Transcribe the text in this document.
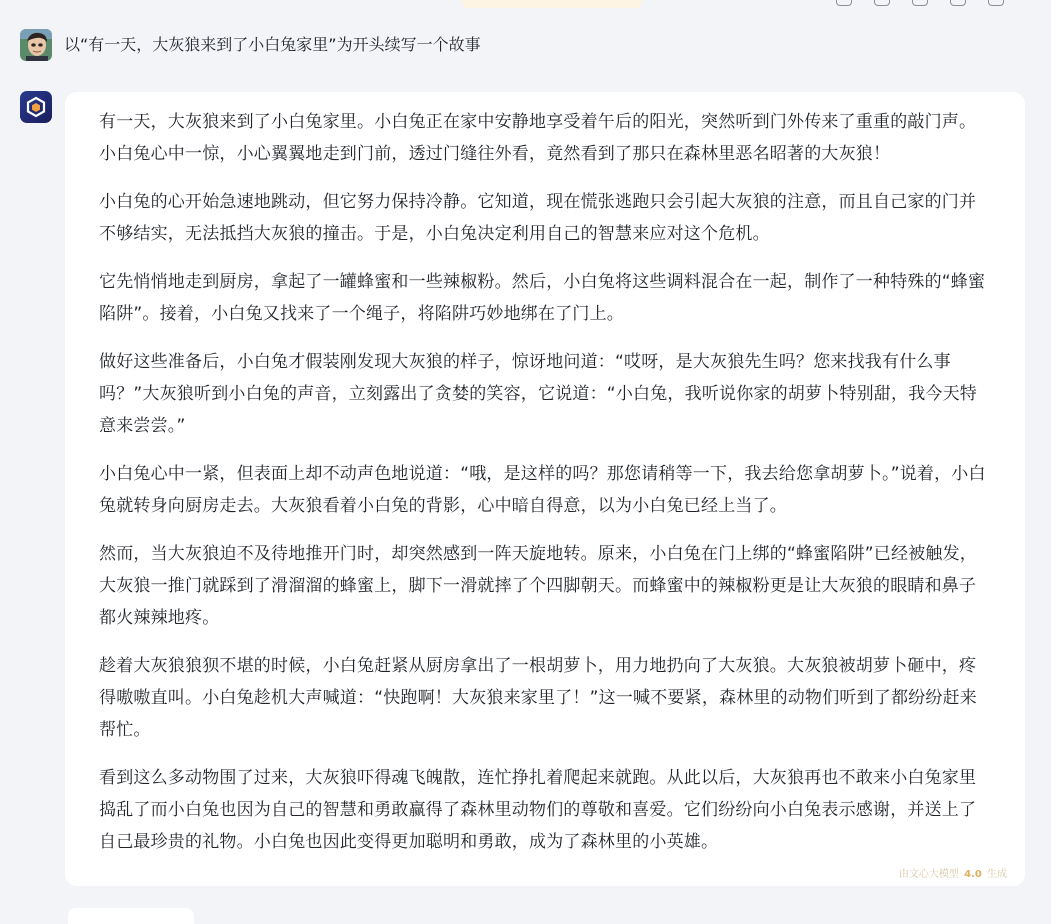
以“有一天，大灰狼来到了小白兔家里”为开头续写一个故事

有一天，大灰狼来到了小白兔家里。小白兔正在家中安静地享受着午后的阳光，突然听到门外传来了重重的敲门声。小白兔心中一惊，小心翼翼地走到门前，透过门缝往外看，竟然看到了那只在森林里恶名昭著的大灰狼！

小白兔的心开始急速地跳动，但它努力保持冷静。它知道，现在慌张逃跑只会引起大灰狼的注意，而且自己家的门并不够结实，无法抵挡大灰狼的撞击。于是，小白兔决定利用自己的智慧来应对这个危机。

它先悄悄地走到厨房，拿起了一罐蜂蜜和一些辣椒粉。然后，小白兔将这些调料混合在一起，制作了一种特殊的“蜂蜜陷阱”。接着，小白兔又找来了一个绳子，将陷阱巧妙地绑在了门上。

做好这些准备后，小白兔才假装刚发现大灰狼的样子，惊讶地问道：“哎呀，是大灰狼先生吗？您来找我有什么事吗？”大灰狼听到小白兔的声音，立刻露出了贪婪的笑容，它说道：“小白兔，我听说你家的胡萝卜特别甜，我今天特意来尝尝。”

小白兔心中一紧，但表面上却不动声色地说道：“哦，是这样的吗？那您请稍等一下，我去给您拿胡萝卜。”说着，小白兔就转身向厨房走去。大灰狼看着小白兔的背影，心中暗自得意，以为小白兔已经上当了。

然而，当大灰狼迫不及待地推开门时，却突然感到一阵天旋地转。原来，小白兔在门上绑的“蜂蜜陷阱”已经被触发，大灰狼一推门就踩到了滑溜溜的蜂蜜上，脚下一滑就摔了个四脚朝天。而蜂蜜中的辣椒粉更是让大灰狼的眼睛和鼻子都火辣辣地疼。

趁着大灰狼狼狈不堪的时候，小白兔赶紧从厨房拿出了一根胡萝卜，用力地扔向了大灰狼。大灰狼被胡萝卜砸中，疼得嗷嗷直叫。小白兔趁机大声喊道：“快跑啊！大灰狼来家里了！”这一喊不要紧，森林里的动物们听到了都纷纷赶来帮忙。

看到这么多动物围了过来，大灰狼吓得魂飞魄散，连忙挣扎着爬起来就跑。从此以后，大灰狼再也不敢来小白兔家里捣乱了而小白兔也因为自己的智慧和勇敢赢得了森林里动物们的尊敬和喜爱。它们纷纷向小白兔表示感谢，并送上了自己最珍贵的礼物。小白兔也因此变得更加聪明和勇敢，成为了森林里的小英雄。

由文心大模型 4.0 生成
